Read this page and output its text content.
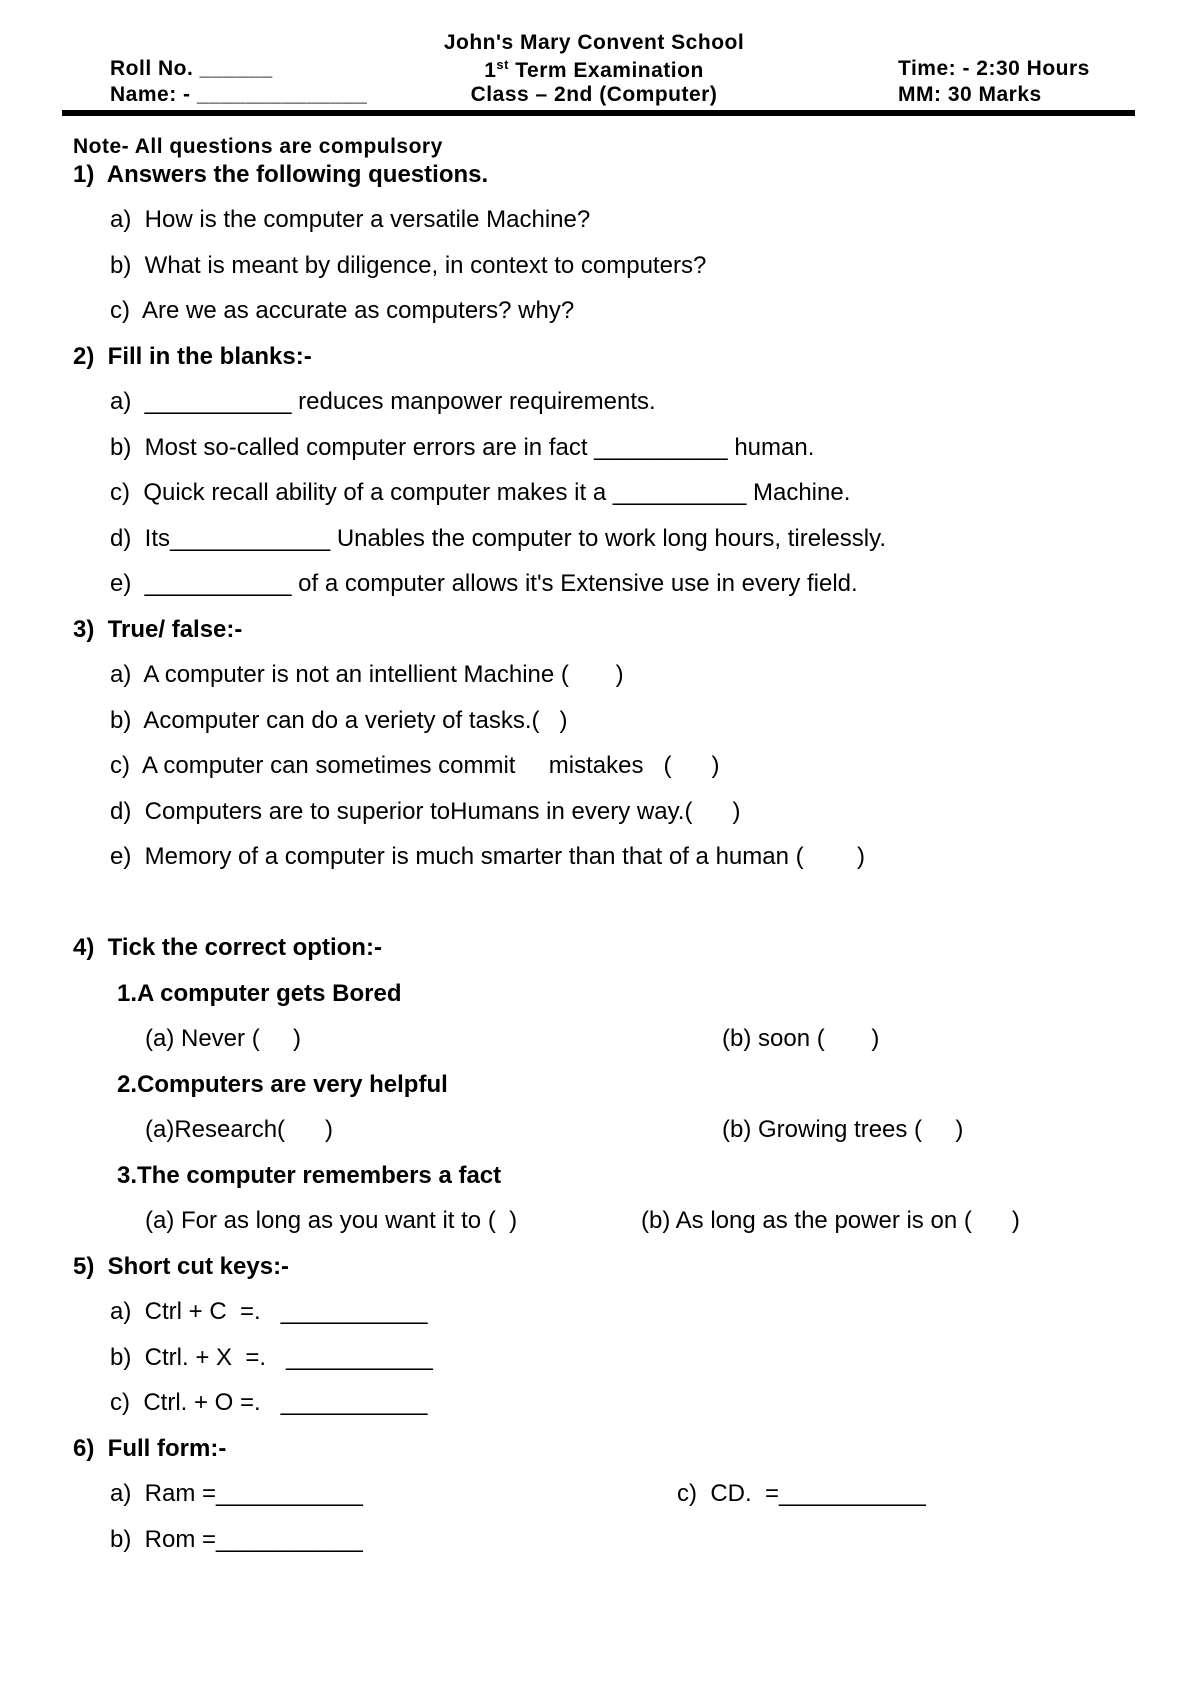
John's Mary Convent School
1st Term Examination
Class – 2nd (Computer)
Roll No. ______
Name: - ______________
Time: - 2:30 Hours
MM: 30 Marks
Note- All questions are compulsory
1)  Answers the following questions.
a)  How is the computer a versatile Machine?
b)  What is meant by diligence, in context to computers?
c)  Are we as accurate as computers? why?
2)  Fill in the blanks:-
a)  ___________ reduces manpower requirements.
b)  Most so-called computer errors are in fact __________ human.
c)  Quick recall ability of a computer makes it a __________ Machine.
d)  Its____________ Unables the computer to work long hours, tirelessly.
e)  ___________ of a computer allows it's Extensive use in every field.
3)  True/ false:-
a)  A computer is not an intellient Machine (       )
b)  Acomputer can do a veriety of tasks.(   )
c)  A computer can sometimes commit     mistakes   (      )
d)  Computers are to superior toHumans in every way.(      )
e)  Memory of a computer is much smarter than that of a human (        )
4)  Tick the correct option:-
1.A computer gets Bored
(a) Never (     )	(b) soon (       )
2.Computers are very helpful
(a)Research(      )	(b) Growing trees (     )
3.The computer remembers a fact
(a) For as long as you want it to (  )	(b) As long as the power is on (      )
5)  Short cut keys:-
a)  Ctrl + C  =.   ___________
b)  Ctrl. + X  =.   ___________
c)  Ctrl. + O =.   ___________
6)  Full form:-
a)  Ram =___________
b)  Rom =___________
c)  CD.  =___________
